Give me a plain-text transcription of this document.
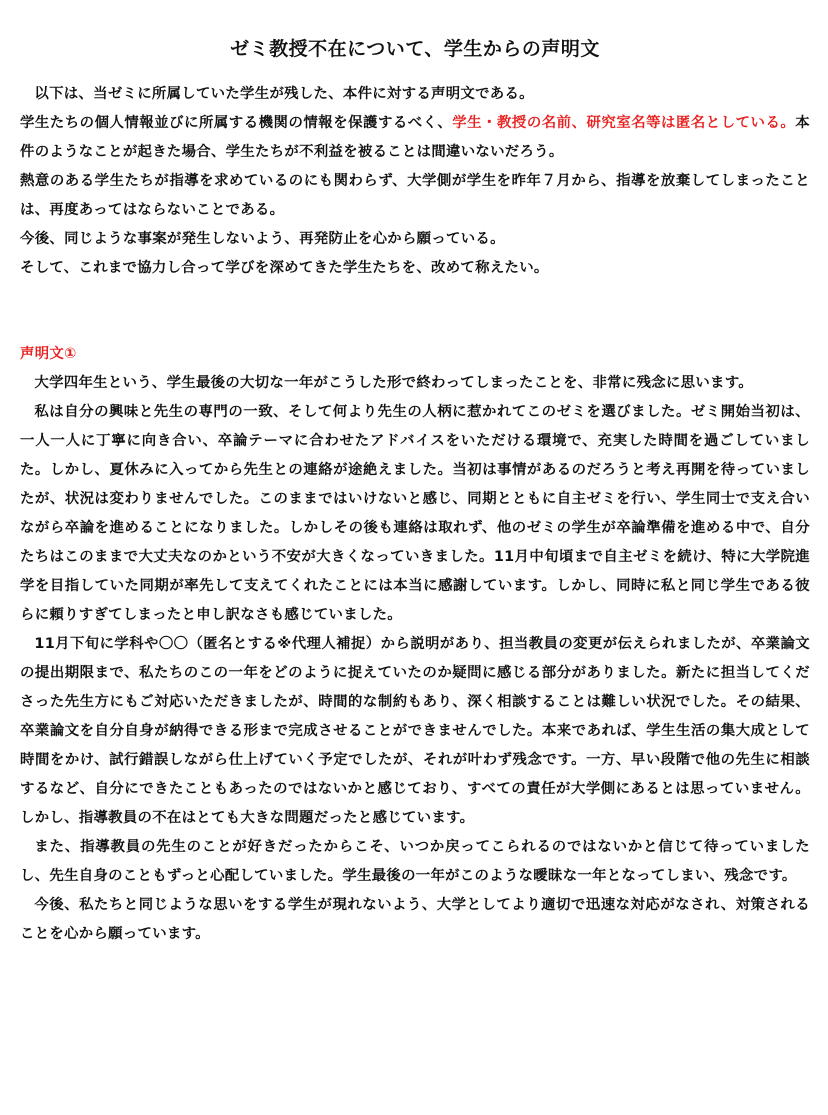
ゼミ教授不在について、学生からの声明文

以下は、当ゼミに所属していた学生が残した、本件に対する声明文である。

学生たちの個人情報並びに所属する機関の情報を保護するべく、学生・教授の名前、研究室名等は匿名としている。本件のようなことが起きた場合、学生たちが不利益を被ることは間違いないだろう。

熱意のある学生たちが指導を求めているのにも関わらず、大学側が学生を昨年７月から、指導を放棄してしまったことは、再度あってはならないことである。

今後、同じような事案が発生しないよう、再発防止を心から願っている。

そして、これまで協力し合って学びを深めてきた学生たちを、改めて称えたい。

声明文①

大学四年生という、学生最後の大切な一年がこうした形で終わってしまったことを、非常に残念に思います。

私は自分の興味と先生の専門の一致、そして何より先生の人柄に惹かれてこのゼミを選びました。ゼミ開始当初は、一人一人に丁寧に向き合い、卒論テーマに合わせたアドバイスをいただける環境で、充実した時間を過ごしていました。しかし、夏休みに入ってから先生との連絡が途絶えました。当初は事情があるのだろうと考え再開を待っていましたが、状況は変わりませんでした。このままではいけないと感じ、同期とともに自主ゼミを行い、学生同士で支え合いながら卒論を進めることになりました。しかしその後も連絡は取れず、他のゼミの学生が卒論準備を進める中で、自分たちはこのままで大丈夫なのかという不安が大きくなっていきました。11月中旬頃まで自主ゼミを続け、特に大学院進学を目指していた同期が率先して支えてくれたことには本当に感謝しています。しかし、同時に私と同じ学生である彼らに頼りすぎてしまったと申し訳なさも感じていました。

11月下旬に学科や〇〇（匿名とする※代理人補捉）から説明があり、担当教員の変更が伝えられましたが、卒業論文の提出期限まで、私たちのこの一年をどのように捉えていたのか疑問に感じる部分がありました。新たに担当してくださった先生方にもご対応いただきましたが、時間的な制約もあり、深く相談することは難しい状況でした。その結果、卒業論文を自分自身が納得できる形まで完成させることができませんでした。本来であれば、学生生活の集大成として時間をかけ、試行錯誤しながら仕上げていく予定でしたが、それが叶わず残念です。一方、早い段階で他の先生に相談するなど、自分にできたこともあったのではないかと感じており、すべての責任が大学側にあるとは思っていません。しかし、指導教員の不在はとても大きな問題だったと感じています。

また、指導教員の先生のことが好きだったからこそ、いつか戻ってこられるのではないかと信じて待っていましたし、先生自身のこともずっと心配していました。学生最後の一年がこのような曖昧な一年となってしまい、残念です。

今後、私たちと同じような思いをする学生が現れないよう、大学としてより適切で迅速な対応がなされ、対策されることを心から願っています。
